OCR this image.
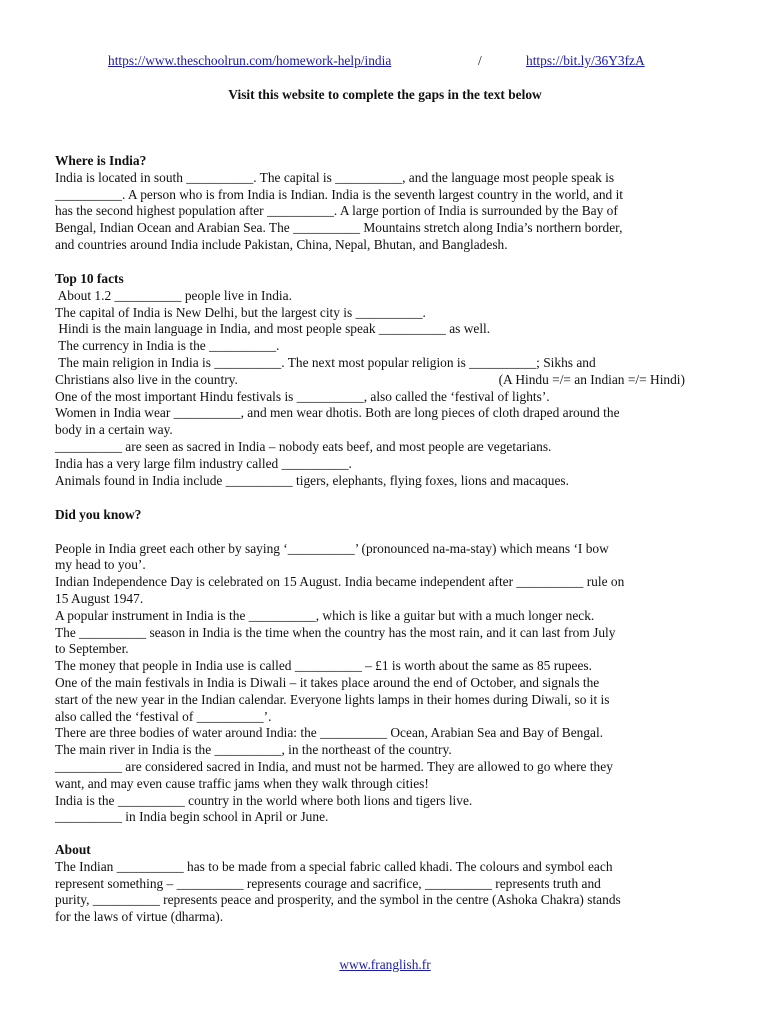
https://www.theschoolrun.com/homework-help/india	/	https://bit.ly/36Y3fzA
Visit this website to complete the gaps in the text below
Where is India?

India is located in south __________. The capital is __________, and the language most people speak is

__________. A person who is from India is Indian. India is the seventh largest country in the world, and it

has the second highest population after __________. A large portion of India is surrounded by the Bay of

Bengal, Indian Ocean and Arabian Sea. The __________ Mountains stretch along India’s northern border,

and countries around India include Pakistan, China, Nepal, Bhutan, and Bangladesh.

Top 10 facts

About 1.2 __________ people live in India.

The capital of India is New Delhi, but the largest city is __________.

Hindi is the main language in India, and most people speak __________ as well.

The currency in India is the __________.

The main religion in India is __________. The next most popular religion is __________; Sikhs and

Christians also live in the country.	(A Hindu =/= an Indian =/= Hindi)

One of the most important Hindu festivals is __________, also called the ‘festival of lights’.

Women in India wear __________, and men wear dhotis. Both are long pieces of cloth draped around the

body in a certain way.

__________ are seen as sacred in India – nobody eats beef, and most people are vegetarians.

India has a very large film industry called __________.

Animals found in India include __________ tigers, elephants, flying foxes, lions and macaques.

Did you know?

People in India greet each other by saying ‘__________’ (pronounced na-ma-stay) which means ‘I bow

my head to you’.

Indian Independence Day is celebrated on 15 August. India became independent after __________ rule on

15 August 1947.

A popular instrument in India is the __________, which is like a guitar but with a much longer neck.

The __________ season in India is the time when the country has the most rain, and it can last from July

to September.

The money that people in India use is called __________ – £1 is worth about the same as 85 rupees.

One of the main festivals in India is Diwali – it takes place around the end of October, and signals the

start of the new year in the Indian calendar. Everyone lights lamps in their homes during Diwali, so it is

also called the ‘festival of __________’.

There are three bodies of water around India: the __________ Ocean, Arabian Sea and Bay of Bengal.

The main river in India is the __________, in the northeast of the country.

__________ are considered sacred in India, and must not be harmed. They are allowed to go where they

want, and may even cause traffic jams when they walk through cities!

India is the __________ country in the world where both lions and tigers live.

__________ in India begin school in April or June.

About

The Indian __________ has to be made from a special fabric called khadi. The colours and symbol each

represent something – __________ represents courage and sacrifice, __________ represents truth and

purity, __________ represents peace and prosperity, and the symbol in the centre (Ashoka Chakra) stands

for the laws of virtue (dharma).

www.franglish.fr
